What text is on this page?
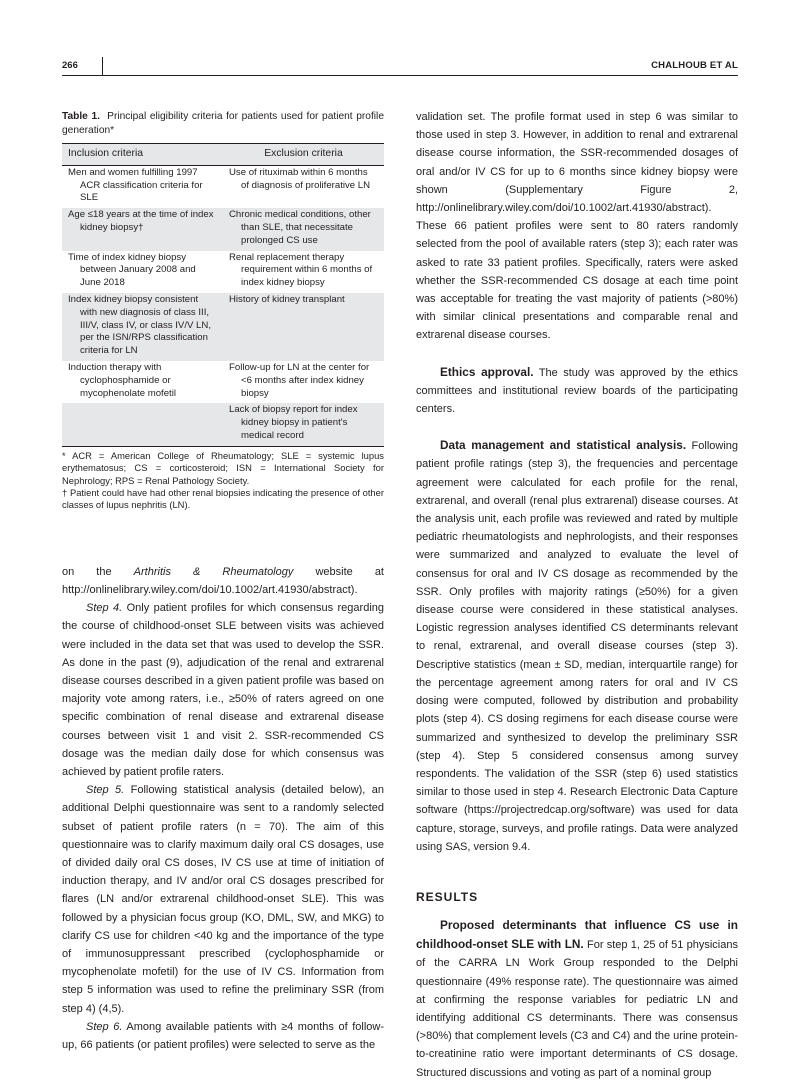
266	CHALHOUB ET AL

Table 1. Principal eligibility criteria for patients used for patient profile generation*

Inclusion criteria	Exclusion criteria

Men and women fulfilling 1997 ACR classification criteria for SLE	Use of rituximab within 6 months of diagnosis of proliferative LN

Age ≤18 years at the time of index kidney biopsy†	Chronic medical conditions, other than SLE, that necessitate prolonged CS use

Time of index kidney biopsy between January 2008 and June 2018	Renal replacement therapy requirement within 6 months of index kidney biopsy

Index kidney biopsy consistent with new diagnosis of class III, III/V, class IV, or class IV/V LN, per the ISN/RPS classification criteria for LN	History of kidney transplant

Induction therapy with cyclophosphamide or mycophenolate mofetil	Follow-up for LN at the center for <6 months after index kidney biopsy

	Lack of biopsy report for index kidney biopsy in patient's medical record

* ACR = American College of Rheumatology; SLE = systemic lupus erythematosus; CS = corticosteroid; ISN = International Society for Nephrology; RPS = Renal Pathology Society.

† Patient could have had other renal biopsies indicating the presence of other classes of lupus nephritis (LN).

on the Arthritis & Rheumatology website at http://onlinelibrary.wiley.com/doi/10.1002/art.41930/abstract).

Step 4. Only patient profiles for which consensus regarding the course of childhood-onset SLE between visits was achieved were included in the data set that was used to develop the SSR. As done in the past (9), adjudication of the renal and extrarenal disease courses described in a given patient profile was based on majority vote among raters, i.e., ≥50% of raters agreed on one specific combination of renal disease and extrarenal disease courses between visit 1 and visit 2. SSR-recommended CS dosage was the median daily dose for which consensus was achieved by patient profile raters.

Step 5. Following statistical analysis (detailed below), an additional Delphi questionnaire was sent to a randomly selected subset of patient profile raters (n = 70). The aim of this questionnaire was to clarify maximum daily oral CS dosages, use of divided daily oral CS doses, IV CS use at time of initiation of induction therapy, and IV and/or oral CS dosages prescribed for flares (LN and/or extrarenal childhood-onset SLE). This was followed by a physician focus group (KO, DML, SW, and MKG) to clarify CS use for children <40 kg and the importance of the type of immunosuppressant prescribed (cyclophosphamide or mycophenolate mofetil) for the use of IV CS. Information from step 5 information was used to refine the preliminary SSR (from step 4) (4,5).

Step 6. Among available patients with ≥4 months of follow-up, 66 patients (or patient profiles) were selected to serve as the

validation set. The profile format used in step 6 was similar to those used in step 3. However, in addition to renal and extrarenal disease course information, the SSR-recommended dosages of oral and/or IV CS for up to 6 months since kidney biopsy were shown (Supplementary Figure 2, http://onlinelibrary.wiley.com/doi/10.1002/art.41930/abstract). These 66 patient profiles were sent to 80 raters randomly selected from the pool of available raters (step 3); each rater was asked to rate 33 patient profiles. Specifically, raters were asked whether the SSR-recommended CS dosage at each time point was acceptable for treating the vast majority of patients (>80%) with similar clinical presentations and comparable renal and extrarenal disease courses.

Ethics approval. The study was approved by the ethics committees and institutional review boards of the participating centers.

Data management and statistical analysis. Following patient profile ratings (step 3), the frequencies and percentage agreement were calculated for each profile for the renal, extrarenal, and overall (renal plus extrarenal) disease courses. At the analysis unit, each profile was reviewed and rated by multiple pediatric rheumatologists and nephrologists, and their responses were summarized and analyzed to evaluate the level of consensus for oral and IV CS dosage as recommended by the SSR. Only profiles with majority ratings (≥50%) for a given disease course were considered in these statistical analyses. Logistic regression analyses identified CS determinants relevant to renal, extrarenal, and overall disease courses (step 3). Descriptive statistics (mean ± SD, median, interquartile range) for the percentage agreement among raters for oral and IV CS dosing were computed, followed by distribution and probability plots (step 4). CS dosing regimens for each disease course were summarized and synthesized to develop the preliminary SSR (step 4). Step 5 considered consensus among survey respondents. The validation of the SSR (step 6) used statistics similar to those used in step 4. Research Electronic Data Capture software (https://projectredcap.org/software) was used for data capture, storage, surveys, and profile ratings. Data were analyzed using SAS, version 9.4.

RESULTS

Proposed determinants that influence CS use in childhood-onset SLE with LN. For step 1, 25 of 51 physicians of the CARRA LN Work Group responded to the Delphi questionnaire (49% response rate). The questionnaire was aimed at confirming the response variables for pediatric LN and identifying additional CS determinants. There was consensus (>80%) that complement levels (C3 and C4) and the urine protein-to-creatinine ratio were important determinants of CS dosage. Structured discussions and voting as part of a nominal group
